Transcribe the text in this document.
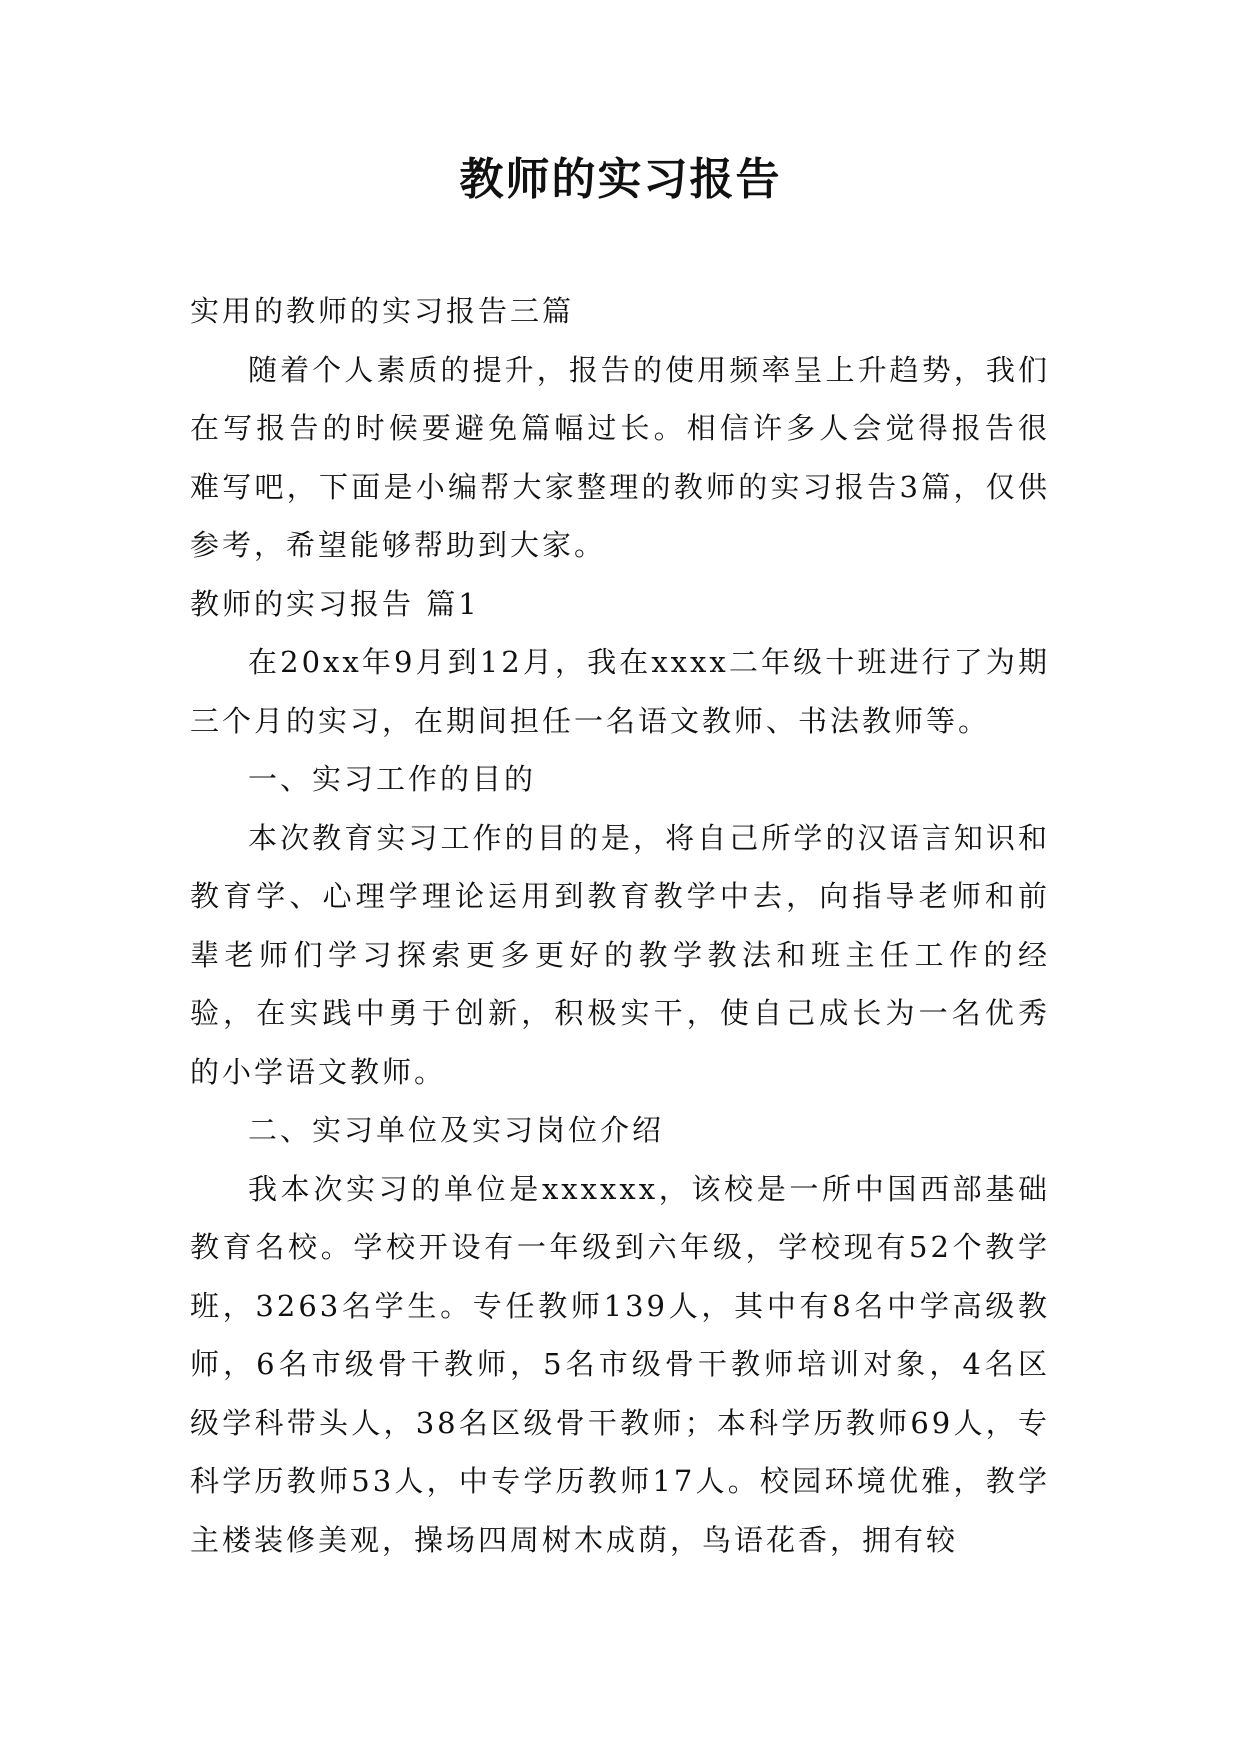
教师的实习报告

实用的教师的实习报告三篇

随着个人素质的提升，报告的使用频率呈上升趋势，我们在写报告的时候要避免篇幅过长。相信许多人会觉得报告很难写吧，下面是小编帮大家整理的教师的实习报告3篇，仅供参考，希望能够帮助到大家。

教师的实习报告 篇1

在20xx年9月到12月，我在xxxx二年级十班进行了为期三个月的实习，在期间担任一名语文教师、书法教师等。

一、实习工作的目的

本次教育实习工作的目的是，将自己所学的汉语言知识和教育学、心理学理论运用到教育教学中去，向指导老师和前辈老师们学习探索更多更好的教学教法和班主任工作的经验，在实践中勇于创新，积极实干，使自己成长为一名优秀的小学语文教师。

二、实习单位及实习岗位介绍

我本次实习的单位是xxxxxx，该校是一所中国西部基础教育名校。学校开设有一年级到六年级，学校现有52个教学班，3263名学生。专任教师139人，其中有8名中学高级教师，6名市级骨干教师，5名市级骨干教师培训对象，4名区级学科带头人，38名区级骨干教师；本科学历教师69人，专科学历教师53人，中专学历教师17人。校园环境优雅，教学主楼装修美观，操场四周树木成荫，鸟语花香，拥有较
